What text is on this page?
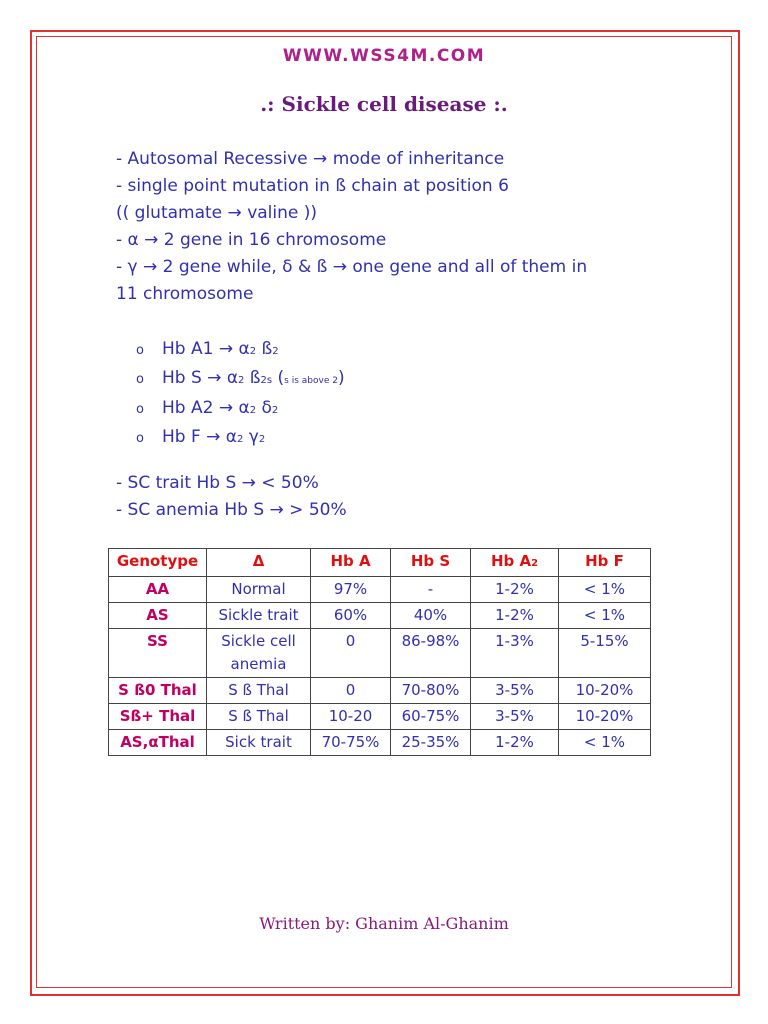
WWW.WSS4M.COM
.: Sickle cell disease :.
- Autosomal Recessive → mode of inheritance
- single point mutation in ß chain at position 6
(( glutamate → valine ))
- α → 2 gene in 16 chromosome
- γ → 2 gene while, δ & ß → one gene and all of them in
11 chromosome
o Hb A1 → α2 ß2
o Hb S → α2 ß2s (s is above 2)
o Hb A2 → α2 δ2
o Hb F → α2 γ2
- SC trait Hb S → < 50%
- SC anemia Hb S → > 50%
Genotype	Δ	Hb A	Hb S	Hb A2	Hb F
AA	Normal	97%	-	1-2%	< 1%
AS	Sickle trait	60%	40%	1-2%	< 1%
SS	Sickle cell anemia	0	86-98%	1-3%	5-15%
S ß0 Thal	S ß Thal	0	70-80%	3-5%	10-20%
Sß+ Thal	S ß Thal	10-20	60-75%	3-5%	10-20%
AS,αThal	Sick trait	70-75%	25-35%	1-2%	< 1%
Written by: Ghanim Al-Ghanim
